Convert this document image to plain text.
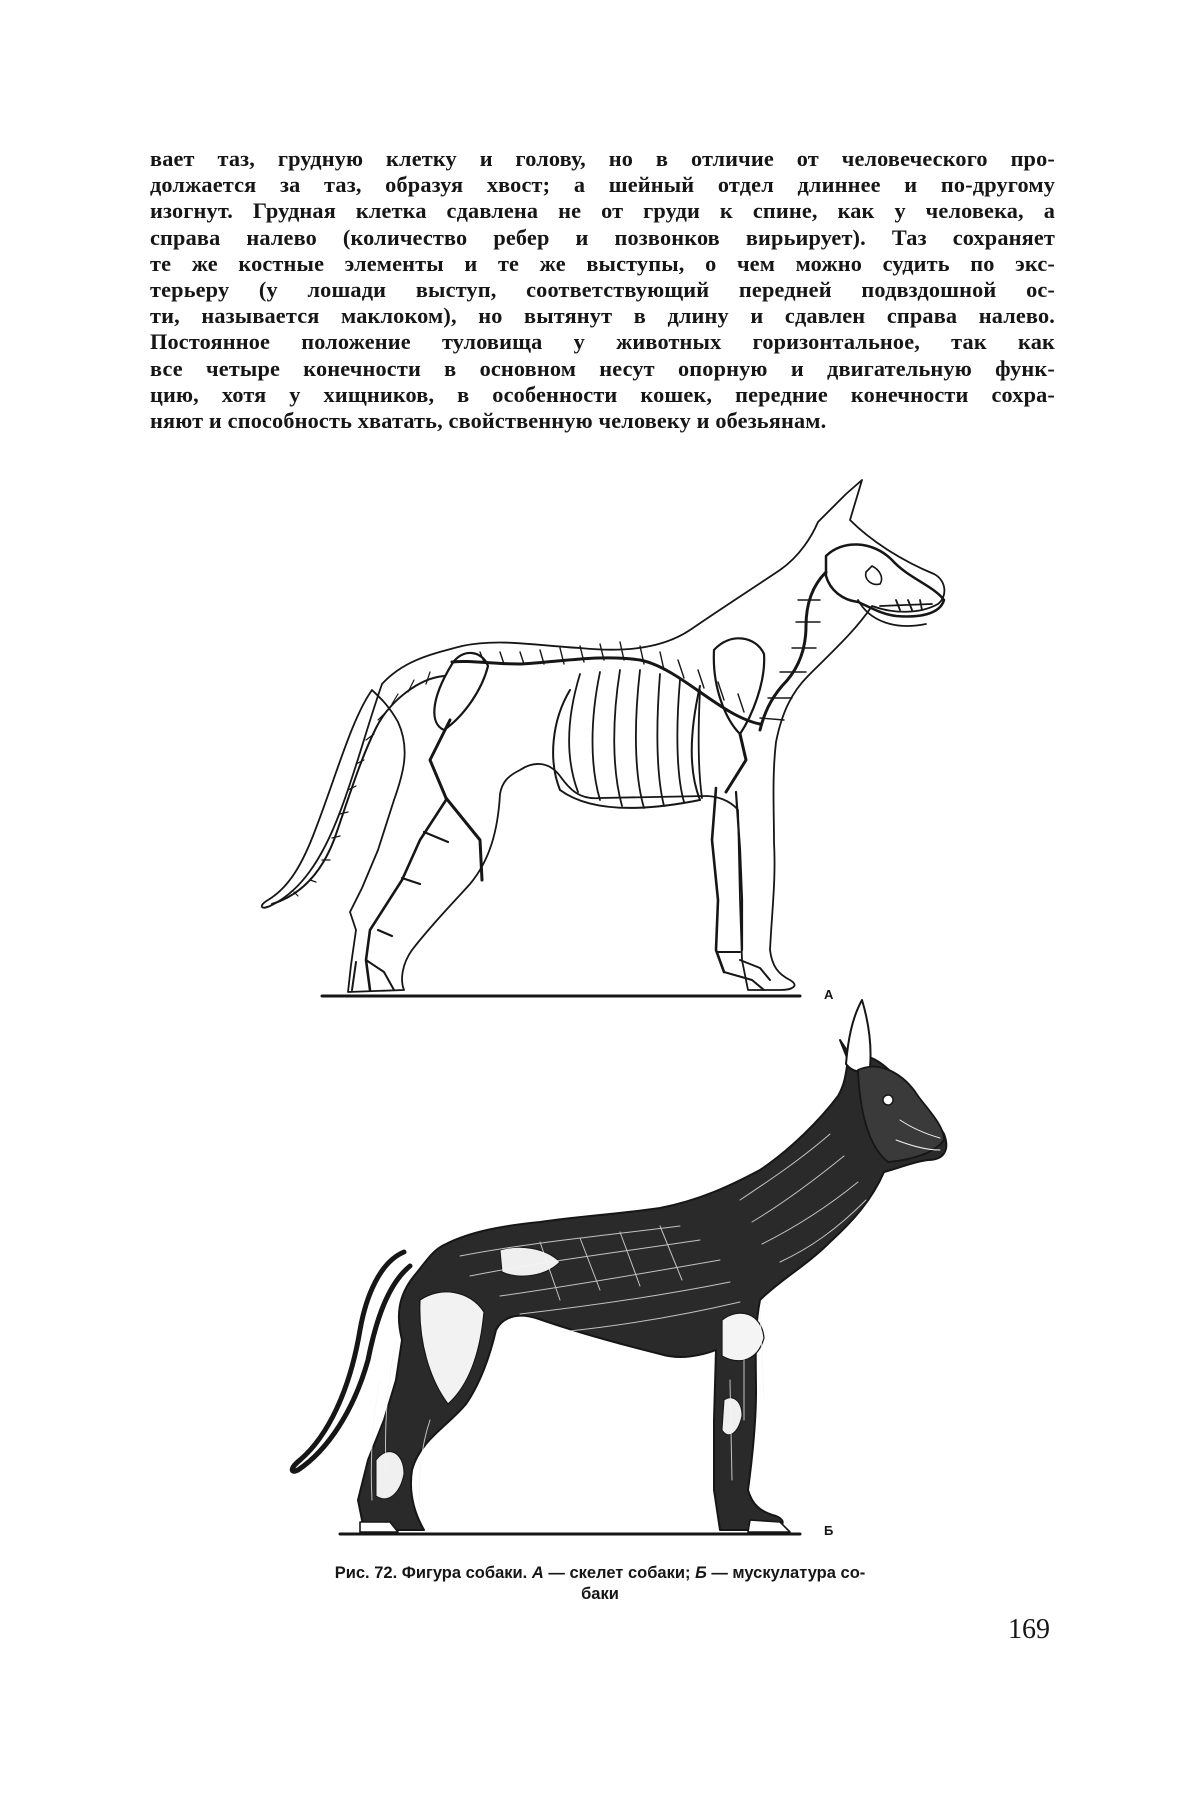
вает таз, грудную клетку и голову, но в отличие от человеческого про-
должается за таз, образуя хвост; а шейный отдел длиннее и по-другому
изогнут. Грудная клетка сдавлена не от груди к спине, как у человека, а
справа налево (количество ребер и позвонков вирьирует). Таз сохраняет
те же костные элементы и те же выступы, о чем можно судить по экс-
терьеру (у лошади выступ, соответствующий передней подвздошной ос-
ти, называется маклоком), но вытянут в длину и сдавлен справа налево.
Постоянное положение туловища у животных горизонтальное, так как
все четыре конечности в основном несут опорную и двигательную функ-
цию, хотя у хищников, в особенности кошек, передние конечности сохра-
няют и способность хватать, свойственную человеку и обезьянам.
А
Б
Рис. 72. Фигура собаки. А — скелет собаки; Б — мускулатура со-
баки
169
